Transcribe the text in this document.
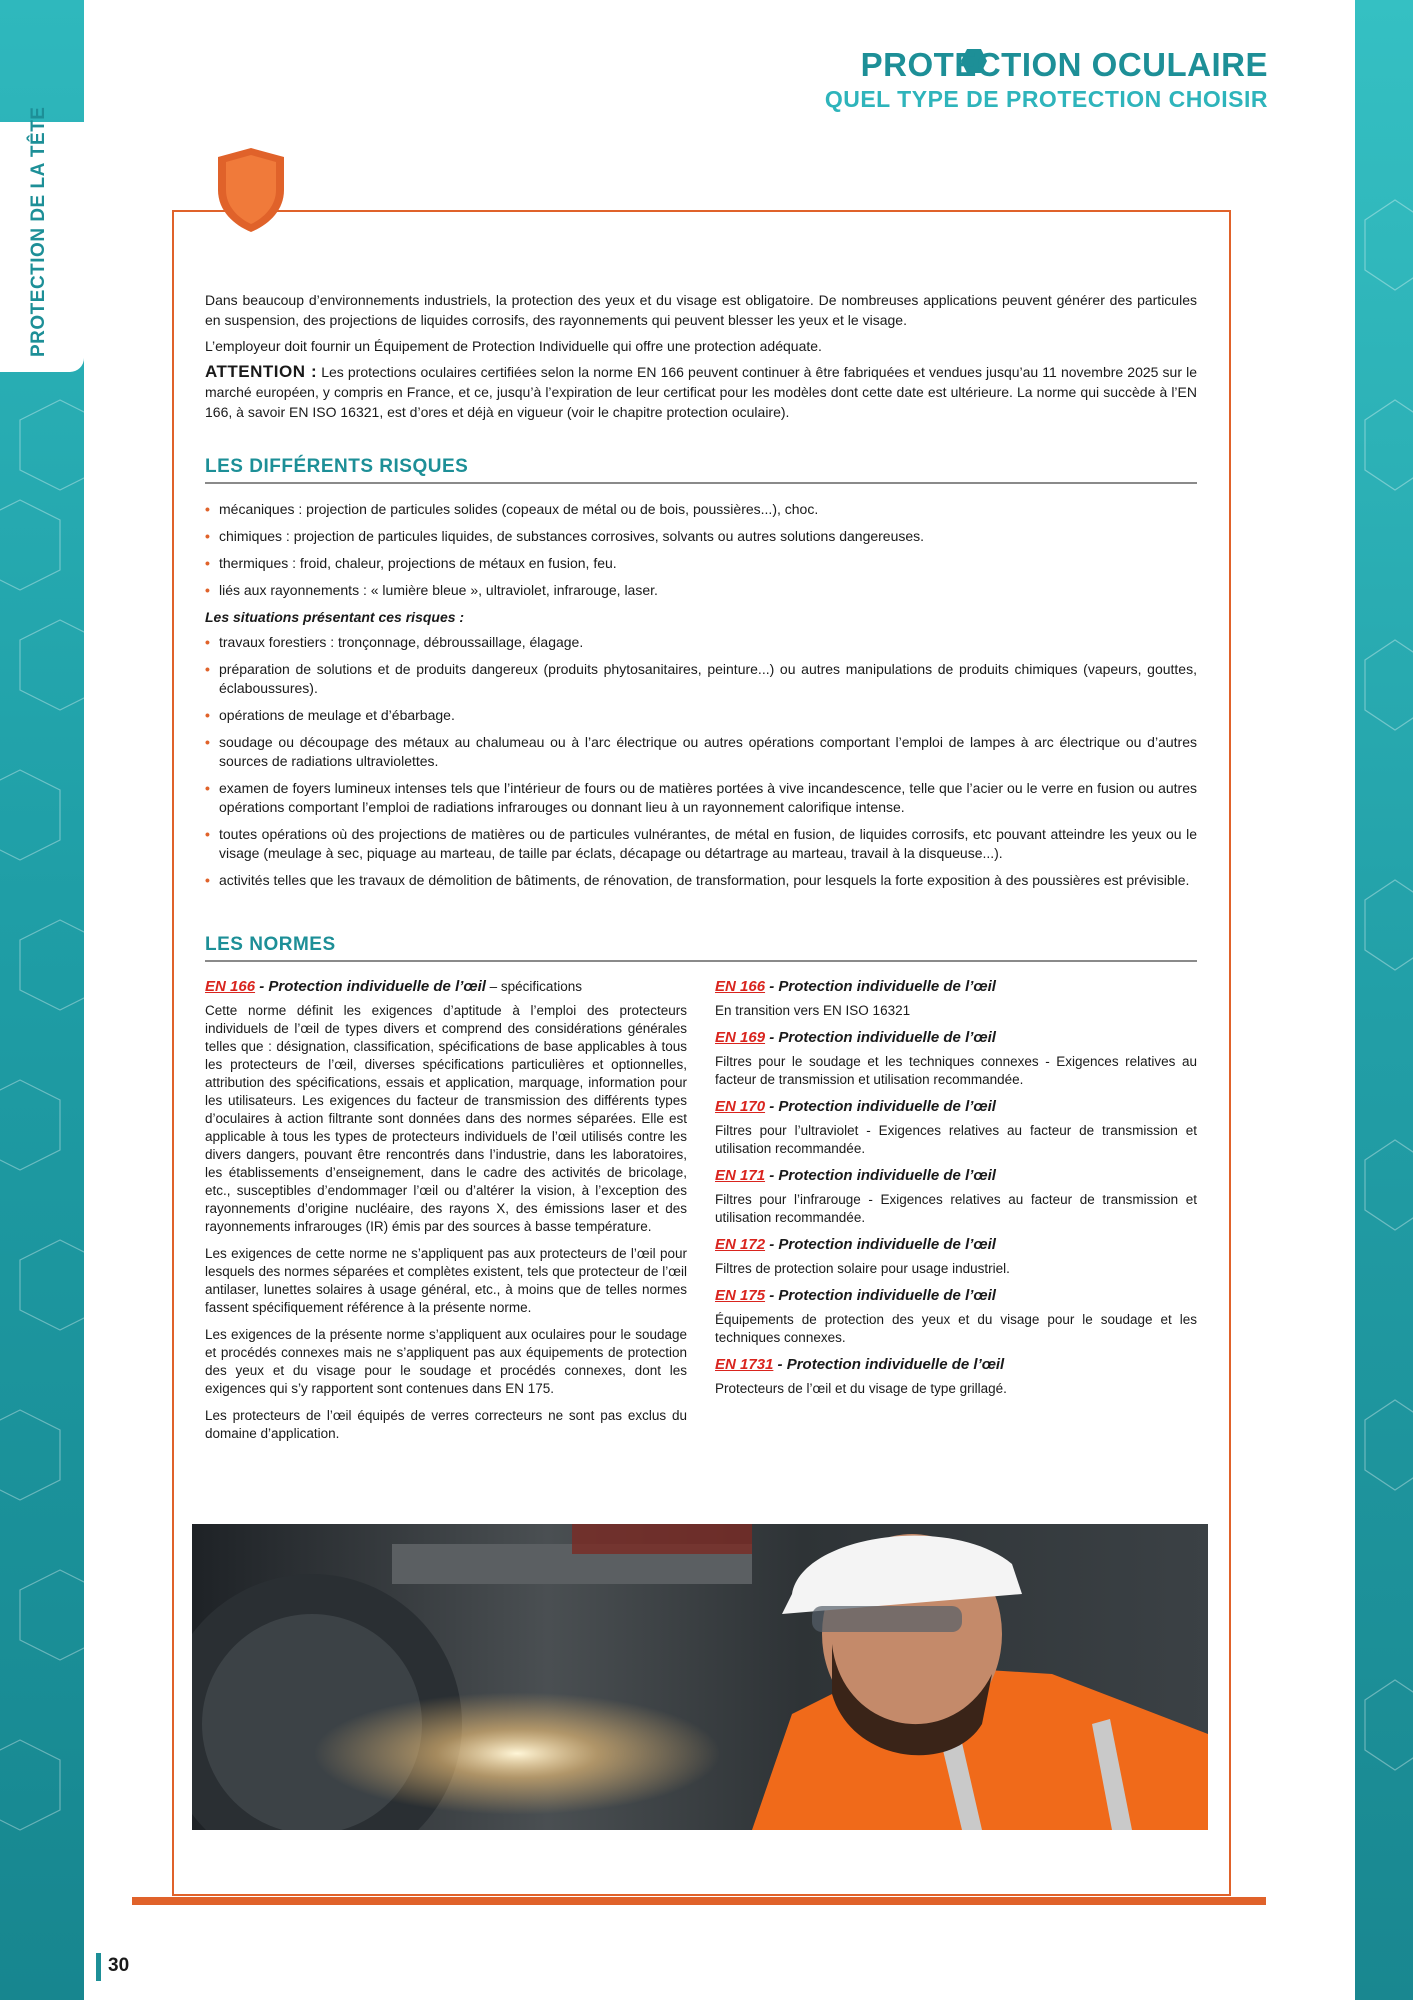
PROTECTION DE LA TÊTE
PROTECTION OCULAIRE
QUEL TYPE DE PROTECTION CHOISIR

Dans beaucoup d’environnements industriels, la protection des yeux et du visage est obligatoire. De nombreuses applications peuvent générer des particules en suspension, des projections de liquides corrosifs, des rayonnements qui peuvent blesser les yeux et le visage.

L’employeur doit fournir un Équipement de Protection Individuelle qui offre une protection adéquate.

ATTENTION : Les protections oculaires certifiées selon la norme EN 166 peuvent continuer à être fabriquées et vendues jusqu’au 11 novembre 2025 sur le marché européen, y compris en France, et ce, jusqu’à l’expiration de leur certificat pour les modèles dont cette date est ultérieure. La norme qui succède à l’EN 166, à savoir EN ISO 16321, est d’ores et déjà en vigueur (voir le chapitre protection oculaire).

LES DIFFÉRENTS RISQUES
• mécaniques : projection de particules solides (copeaux de métal ou de bois, poussières...), choc.
• chimiques : projection de particules liquides, de substances corrosives, solvants ou autres solutions dangereuses.
• thermiques : froid, chaleur, projections de métaux en fusion, feu.
• liés aux rayonnements : « lumière bleue », ultraviolet, infrarouge, laser.
Les situations présentant ces risques :
• travaux forestiers : tronçonnage, débroussaillage, élagage.
• préparation de solutions et de produits dangereux (produits phytosanitaires, peinture...) ou autres manipulations de produits chimiques (vapeurs, gouttes, éclaboussures).
• opérations de meulage et d’ébarbage.
• soudage ou découpage des métaux au chalumeau ou à l’arc électrique ou autres opérations comportant l’emploi de lampes à arc électrique ou d’autres sources de radiations ultraviolettes.
• examen de foyers lumineux intenses tels que l’intérieur de fours ou de matières portées à vive incandescence, telle que l’acier ou le verre en fusion ou autres opérations comportant l’emploi de radiations infrarouges ou donnant lieu à un rayonnement calorifique intense.
• toutes opérations où des projections de matières ou de particules vulnérantes, de métal en fusion, de liquides corrosifs, etc pouvant atteindre les yeux ou le visage (meulage à sec, piquage au marteau, de taille par éclats, décapage ou détartrage au marteau, travail à la disqueuse...).
• activités telles que les travaux de démolition de bâtiments, de rénovation, de transformation, pour lesquels la forte exposition à des poussières est prévisible.
LES NORMES
EN 166 - Protection individuelle de l’œil – spécifications

Cette norme définit les exigences d’aptitude à l’emploi des protecteurs individuels de l’œil de types divers et comprend des considérations générales telles que : désignation, classification, spécifications de base applicables à tous les protecteurs de l’œil, diverses spécifications particulières et optionnelles, attribution des spécifications, essais et application, marquage, information pour les utilisateurs. Les exigences du facteur de transmission des différents types d’oculaires à action filtrante sont données dans des normes séparées. Elle est applicable à tous les types de protecteurs individuels de l’œil utilisés contre les divers dangers, pouvant être rencontrés dans l’industrie, dans les laboratoires, les établissements d’enseignement, dans le cadre des activités de bricolage, etc., susceptibles d’endommager l’œil ou d’altérer la vision, à l’exception des rayonnements d’origine nucléaire, des rayons X, des émissions laser et des rayonnements infrarouges (IR) émis par des sources à basse température.

Les exigences de cette norme ne s’appliquent pas aux protecteurs de l’œil pour lesquels des normes séparées et complètes existent, tels que protecteur de l’œil antilaser, lunettes solaires à usage général, etc., à moins que de telles normes fassent spécifiquement référence à la présente norme.

Les exigences de la présente norme s’appliquent aux oculaires pour le soudage et procédés connexes mais ne s’appliquent pas aux équipements de protection des yeux et du visage pour le soudage et procédés connexes, dont les exigences qui s’y rapportent sont contenues dans EN 175.

Les protecteurs de l’œil équipés de verres correcteurs ne sont pas exclus du domaine d’application.

EN 166 - Protection individuelle de l’œil

En transition vers EN ISO 16321

EN 169 - Protection individuelle de l’œil

Filtres pour le soudage et les techniques connexes - Exigences relatives au facteur de transmission et utilisation recommandée.

EN 170 - Protection individuelle de l’œil

Filtres pour l’ultraviolet - Exigences relatives au facteur de transmission et utilisation recommandée.

EN 171 - Protection individuelle de l’œil

Filtres pour l’infrarouge - Exigences relatives au facteur de transmission et utilisation recommandée.

EN 172 - Protection individuelle de l’œil

Filtres de protection solaire pour usage industriel.

EN 175 - Protection individuelle de l’œil

Équipements de protection des yeux et du visage pour le soudage et les techniques connexes.

EN 1731 - Protection individuelle de l’œil

Protecteurs de l’œil et du visage de type grillagé.

30
